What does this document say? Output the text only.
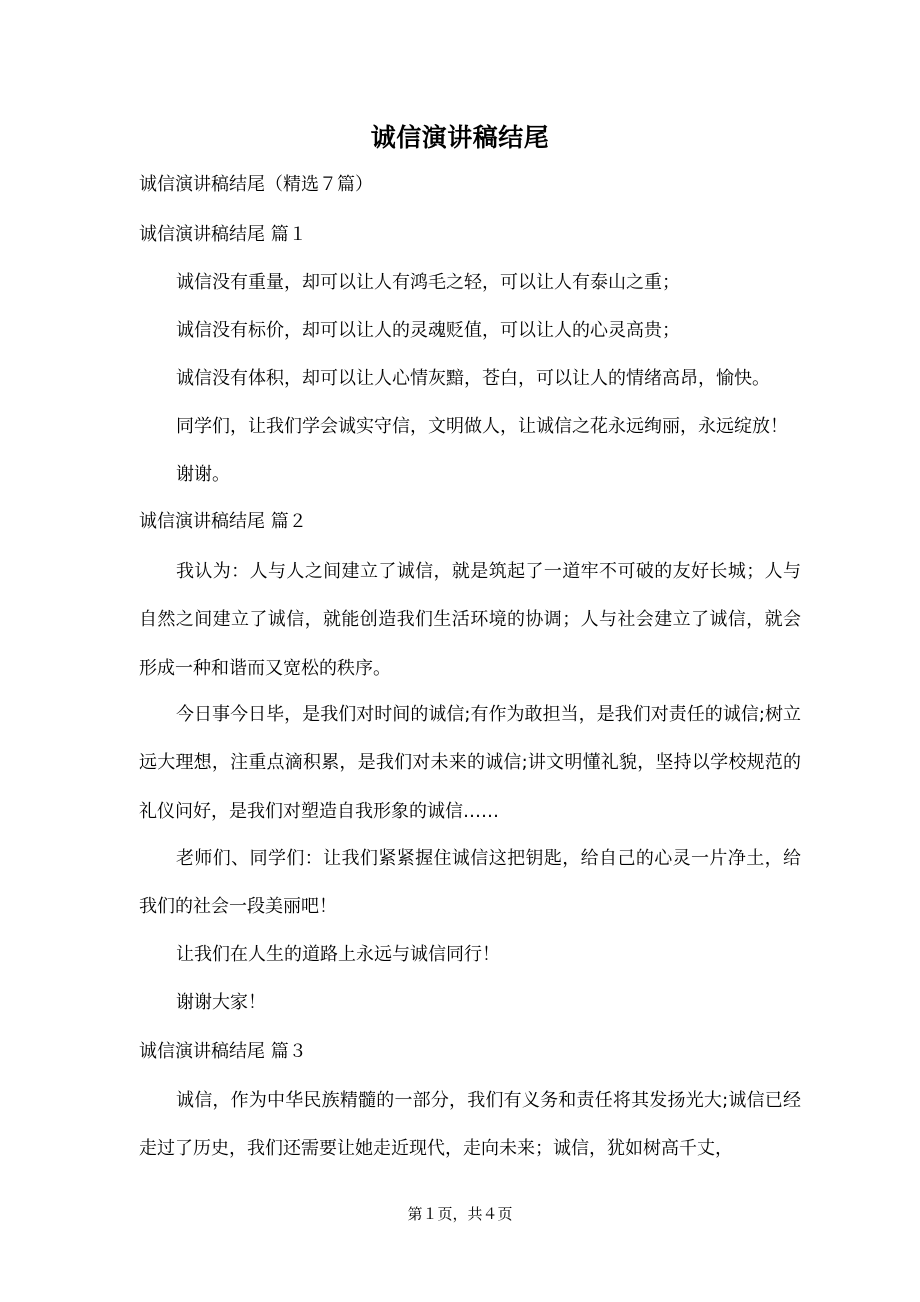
诚信演讲稿结尾
诚信演讲稿结尾（精选７篇）
诚信演讲稿结尾 篇１

诚信没有重量，却可以让人有鸿毛之轻，可以让人有泰山之重；

诚信没有标价，却可以让人的灵魂贬值，可以让人的心灵高贵；

诚信没有体积，却可以让人心情灰黯，苍白，可以让人的情绪高昂，愉快。

同学们，让我们学会诚实守信，文明做人，让诚信之花永远绚丽，永远绽放！

谢谢。

诚信演讲稿结尾 篇２

我认为：人与人之间建立了诚信，就是筑起了一道牢不可破的友好长城；人与自然之间建立了诚信，就能创造我们生活环境的协调；人与社会建立了诚信，就会形成一种和谐而又宽松的秩序。

今日事今日毕，是我们对时间的诚信;有作为敢担当，是我们对责任的诚信;树立远大理想，注重点滴积累，是我们对未来的诚信;讲文明懂礼貌，坚持以学校规范的礼仪问好，是我们对塑造自我形象的诚信……

老师们、同学们：让我们紧紧握住诚信这把钥匙，给自己的心灵一片净土，给我们的社会一段美丽吧！

让我们在人生的道路上永远与诚信同行！

谢谢大家！

诚信演讲稿结尾 篇３

诚信，作为中华民族精髓的一部分，我们有义务和责任将其发扬光大;诚信已经走过了历史，我们还需要让她走近现代，走向未来；诚信，犹如树高千丈，

第１页，共４页
